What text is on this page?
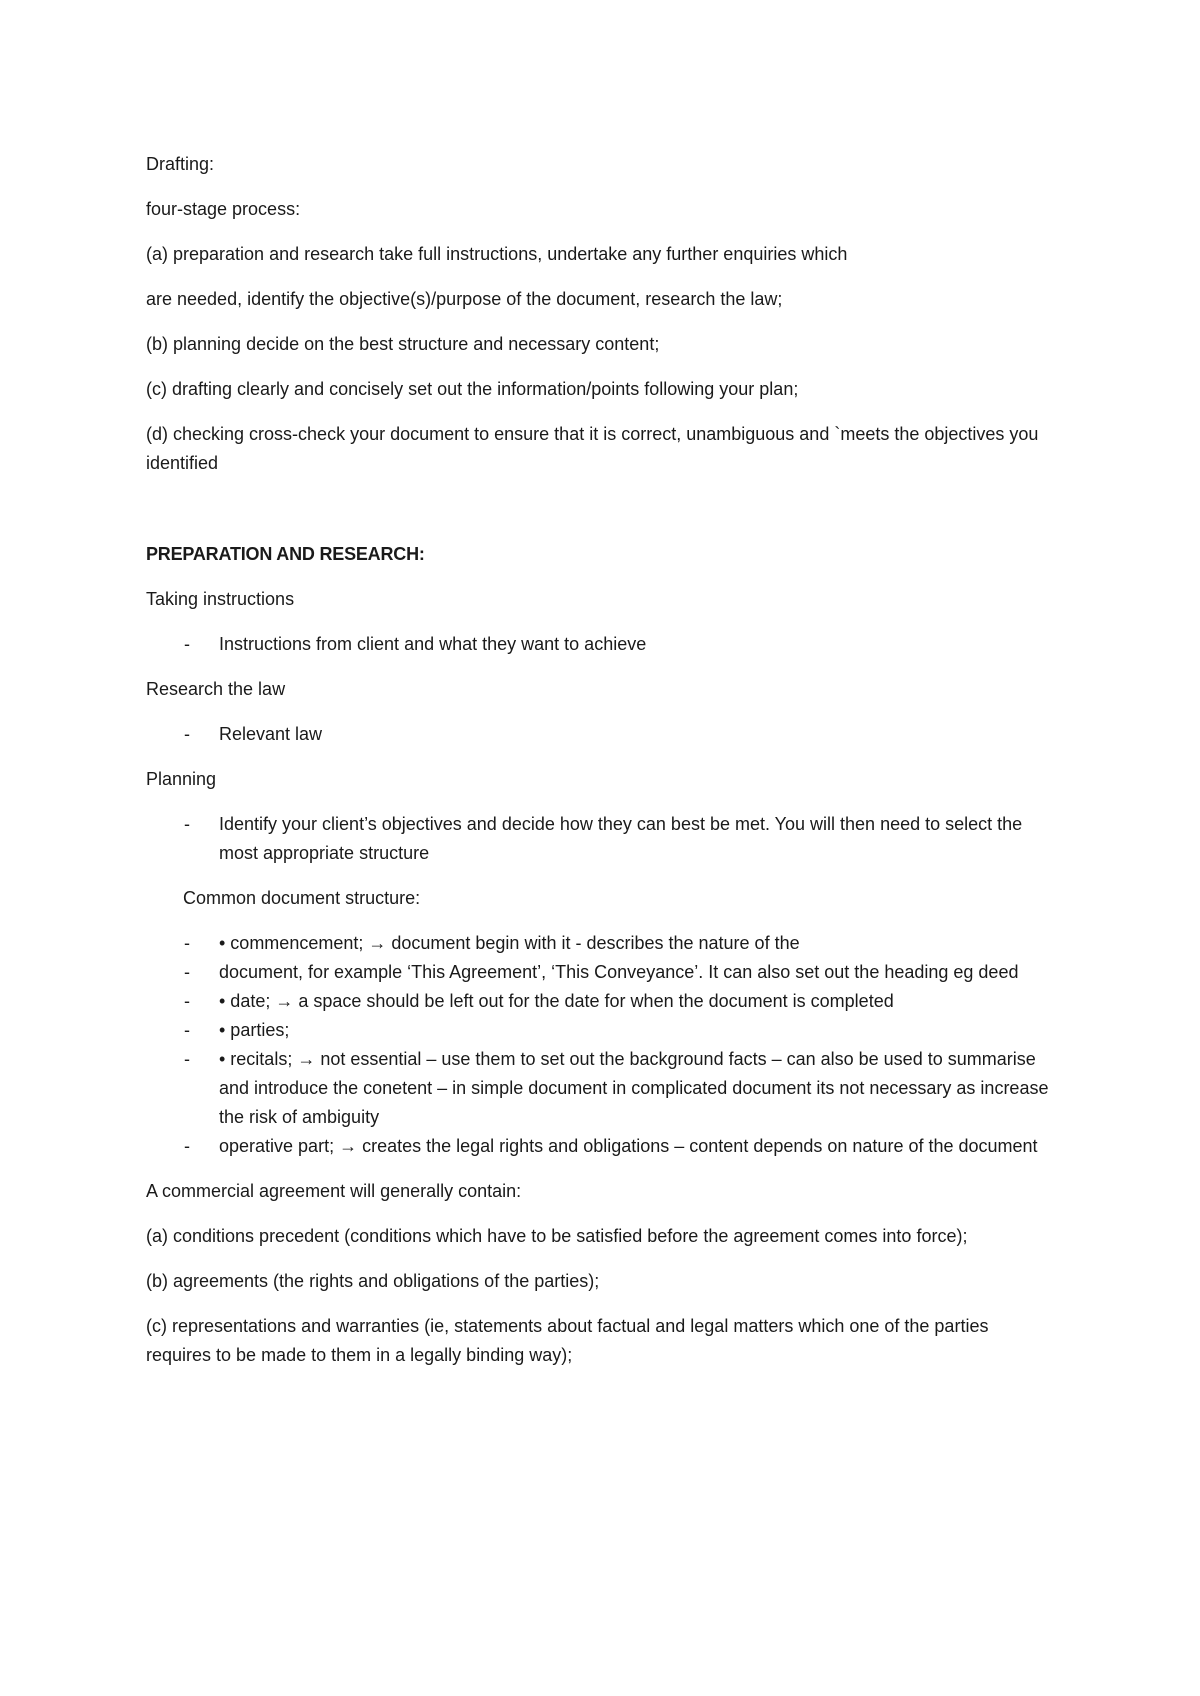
Drafting:

four-stage process:

(a) preparation and research take full instructions, undertake any further enquiries which

are needed, identify the objective(s)/purpose of the document, research the law;

(b) planning decide on the best structure and necessary content;

(c) drafting clearly and concisely set out the information/points following your plan;

(d) checking cross-check your document to ensure that it is correct, unambiguous and `meets the objectives you identified

PREPARATION AND RESEARCH:

Taking instructions

- Instructions from client and what they want to achieve

Research the law

- Relevant law

Planning

- Identify your client’s objectives and decide how they can best be met. You will then need to select the most appropriate structure

Common document structure:

- • commencement; → document begin with it - describes the nature of the
- document, for example ‘This Agreement’, ‘This Conveyance’. It can also set out the heading eg deed
- • date; → a space should be left out for the date for when the document is completed
- • parties;
- • recitals; → not essential – use them to set out the background facts – can also be used to summarise and introduce the conetent – in simple document in complicated document its not necessary as increase the risk of ambiguity
- operative part; → creates the legal rights and obligations – content depends on nature of the document

A commercial agreement will generally contain:

(a) conditions precedent (conditions which have to be satisfied before the agreement comes into force);

(b) agreements (the rights and obligations of the parties);

(c) representations and warranties (ie, statements about factual and legal matters which one of the parties requires to be made to them in a legally binding way);
